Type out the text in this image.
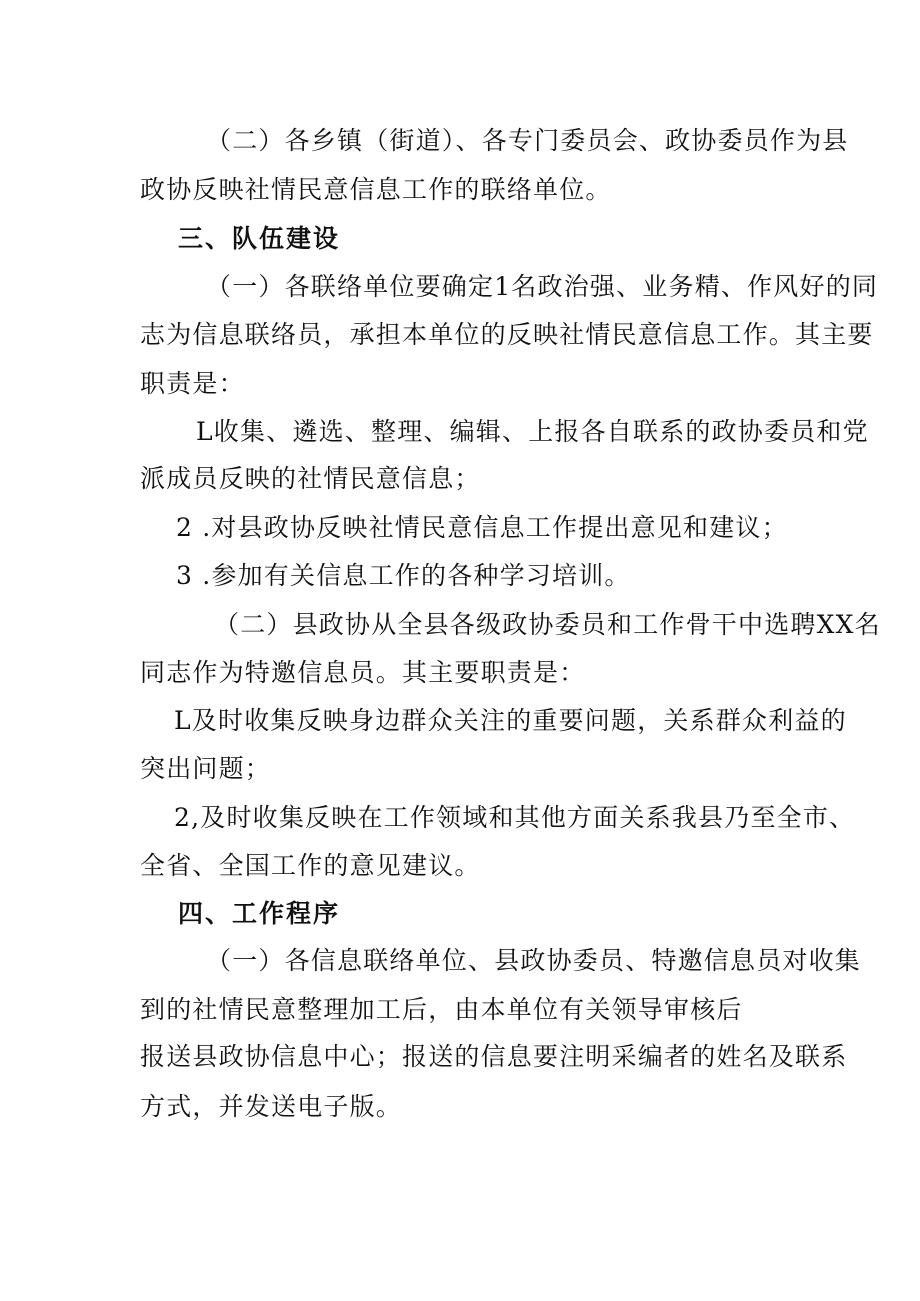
（二）各乡镇（街道）、各专门委员会、政协委员作为县
政协反映社情民意信息工作的联络单位。
三、队伍建设
（一）各联络单位要确定1名政治强、业务精、作风好的同
志为信息联络员，承担本单位的反映社情民意信息工作。其主要
职责是：
L收集、遴选、整理、编辑、上报各自联系的政协委员和党
派成员反映的社情民意信息；
2 .对县政协反映社情民意信息工作提出意见和建议；
3 .参加有关信息工作的各种学习培训。
（二）县政协从全县各级政协委员和工作骨干中选聘XX名
同志作为特邀信息员。其主要职责是：
L及时收集反映身边群众关注的重要问题，关系群众利益的
突出问题；
2,及时收集反映在工作领域和其他方面关系我县乃至全市、
全省、全国工作的意见建议。
四、工作程序
（一）各信息联络单位、县政协委员、特邀信息员对收集
到的社情民意整理加工后，由本单位有关领导审核后
报送县政协信息中心；报送的信息要注明采编者的姓名及联系
方式，并发送电子版。
